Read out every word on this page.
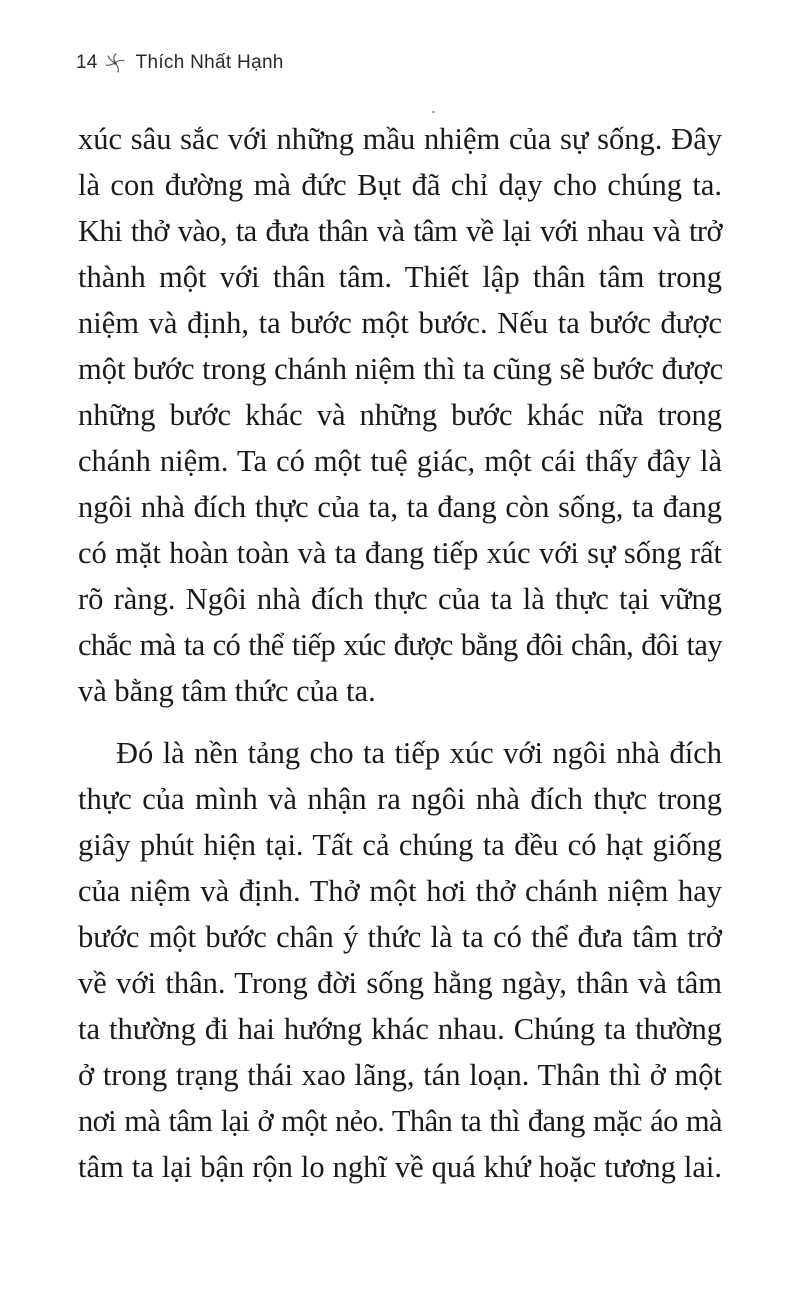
14 Thích Nhất Hạnh
xúc sâu sắc với những mầu nhiệm của sự sống. Đây
là con đường mà đức Bụt đã chỉ dạy cho chúng ta.
Khi thở vào, ta đưa thân và tâm về lại với nhau và trở
thành một với thân tâm. Thiết lập thân tâm trong
niệm và định, ta bước một bước. Nếu ta bước được
một bước trong chánh niệm thì ta cũng sẽ bước được
những bước khác và những bước khác nữa trong
chánh niệm. Ta có một tuệ giác, một cái thấy đây là
ngôi nhà đích thực của ta, ta đang còn sống, ta đang
có mặt hoàn toàn và ta đang tiếp xúc với sự sống rất
rõ ràng. Ngôi nhà đích thực của ta là thực tại vững
chắc mà ta có thể tiếp xúc được bằng đôi chân, đôi tay
và bằng tâm thức của ta.
Đó là nền tảng cho ta tiếp xúc với ngôi nhà đích
thực của mình và nhận ra ngôi nhà đích thực trong
giây phút hiện tại. Tất cả chúng ta đều có hạt giống
của niệm và định. Thở một hơi thở chánh niệm hay
bước một bước chân ý thức là ta có thể đưa tâm trở
về với thân. Trong đời sống hằng ngày, thân và tâm
ta thường đi hai hướng khác nhau. Chúng ta thường
ở trong trạng thái xao lãng, tán loạn. Thân thì ở một
nơi mà tâm lại ở một nẻo. Thân ta thì đang mặc áo mà
tâm ta lại bận rộn lo nghĩ về quá khứ hoặc tương lai.
